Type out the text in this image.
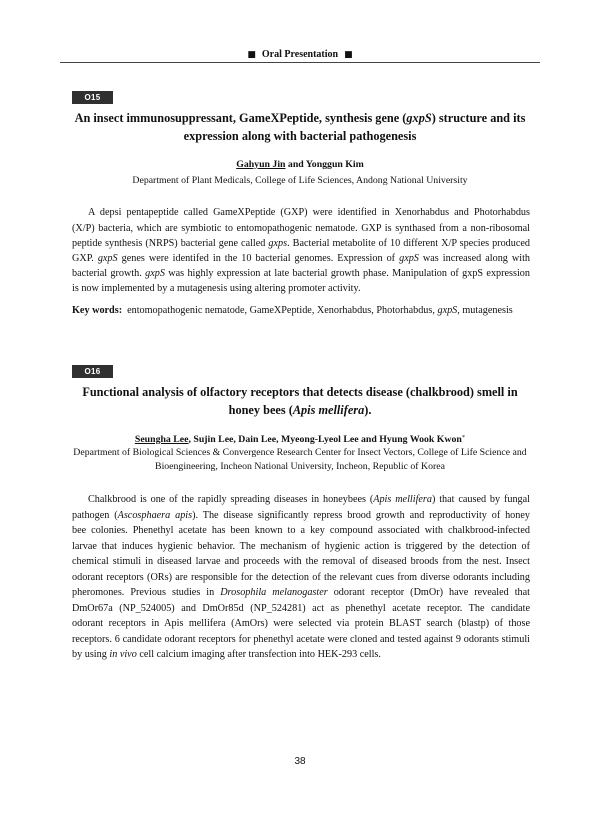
■ Oral Presentation ■
O15
An insect immunosuppressant, GameXPeptide, synthesis gene (gxpS) structure and its
expression along with bacterial pathogenesis
Gahyun Jin and Yonggun Kim
Department of Plant Medicals, College of Life Sciences, Andong National University
A depsi pentapeptide called GameXPeptide (GXP) were identified in Xenorhabdus and Photorhabdus
(X/P) bacteria, which are symbiotic to entomopathogenic nematode. GXP is synthased from a non-ribosomal
peptide synthesis (NRPS) bacterial gene called gxps. Bacterial metabolite of 10 different X/P species produced
GXP. gxpS genes were identifed in the 10 bacterial genomes. Expression of gxpS was increased along with
bacterial growth. gxpS was highly expression at late bacterial growth phase. Manipulation of gxpS expression
is now implemented by a mutagenesis using altering promoter activity.
Key words: entomopathogenic nematode, GameXPeptide, Xenorhabdus, Photorhabdus, gxpS, mutagenesis
O16
Functional analysis of olfactory receptors that detects disease (chalkbrood) smell in
honey bees (Apis mellifera).
Seungha Lee, Sujin Lee, Dain Lee, Myeong-Lyeol Lee and Hyung Wook Kwon*
Department of Biological Sciences & Convergence Research Center for Insect Vectors, College of Life Science and
Bioengineering, Incheon National University, Incheon, Republic of Korea
Chalkbrood is one of the rapidly spreading diseases in honeybees (Apis mellifera) that caused by fungal
pathogen (Ascosphaera apis). The disease significantly repress brood growth and reproductivity of honey
bee colonies. Phenethyl acetate has been known to a key compound associated with chalkbrood-infected
larvae that induces hygienic behavior. The mechanism of hygienic action is triggered by the detection of
chemical stimuli in diseased larvae and proceeds with the removal of diseased broods from the nest. Insect
odorant receptors (ORs) are responsible for the detection of the relevant cues from diverse odorants including
pheromones. Previous studies in Drosophila melanogaster odorant receptor (DmOr) have revealed that
DmOr67a (NP_524005) and DmOr85d (NP_524281) act as phenethyl acetate receptor. The candidate
odorant receptors in Apis mellifera (AmOrs) were selected via protein BLAST search (blastp) of those
receptors. 6 candidate odorant receptors for phenethyl acetate were cloned and tested against 9 odorants stimuli
by using in vivo cell calcium imaging after transfection into HEK-293 cells.
38
